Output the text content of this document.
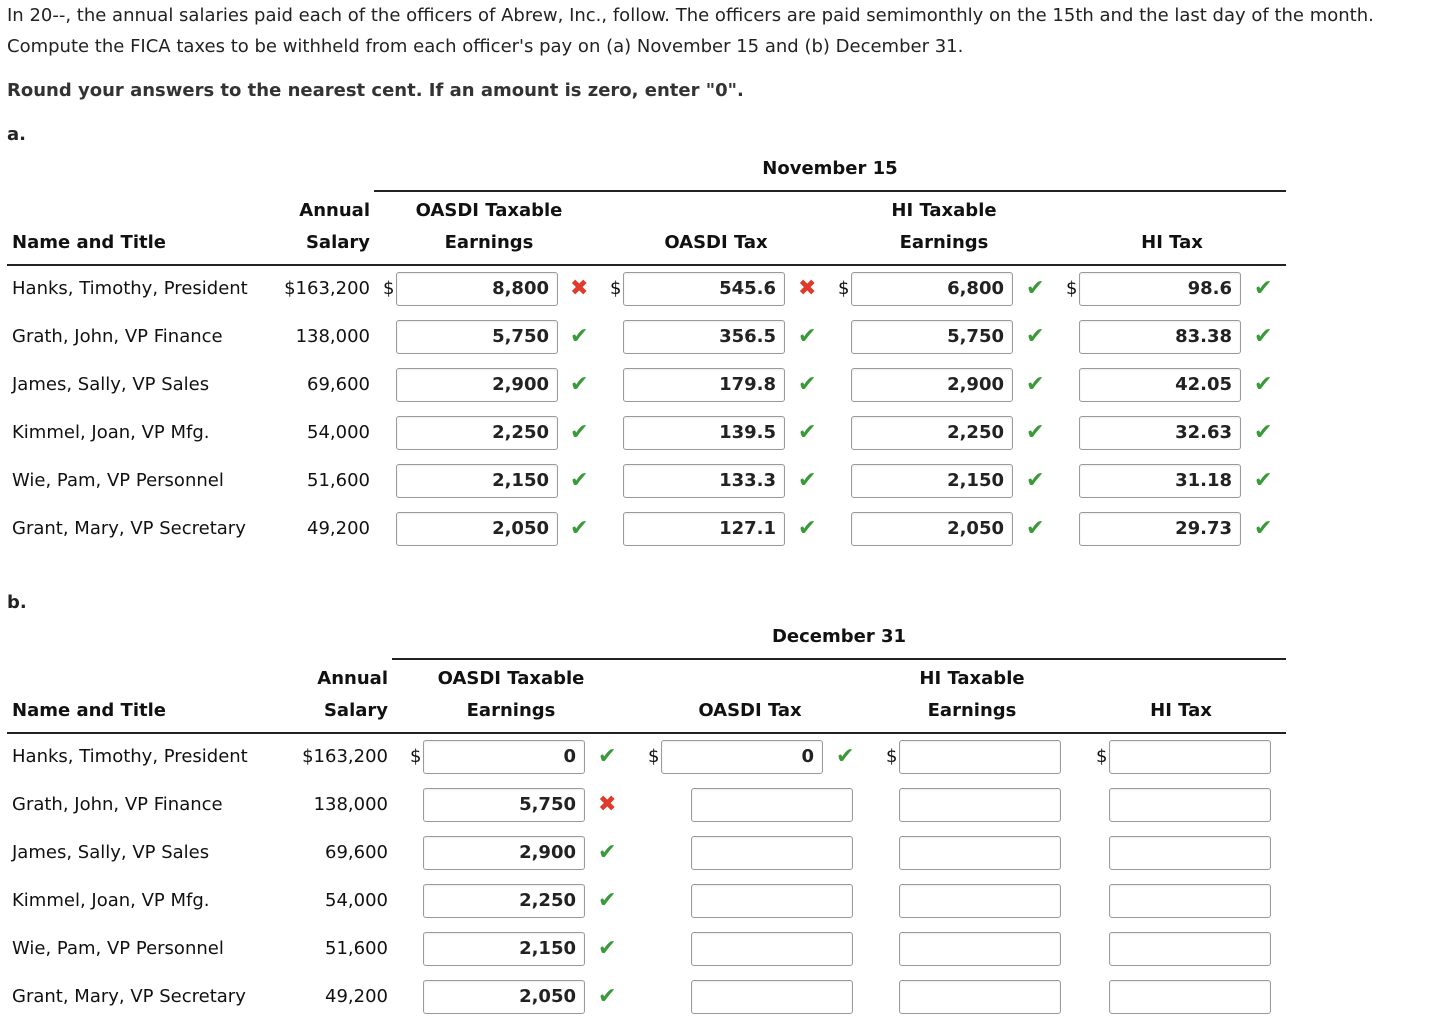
In 20--, the annual salaries paid each of the officers of Abrew, Inc., follow. The officers are paid semimonthly on the 15th and the last day of the month. Compute the FICA taxes to be withheld from each officer's pay on (a) November 15 and (b) December 31.
Round your answers to the nearest cent. If an amount is zero, enter "0".
a.
November 15
Name and Title
Annual
Salary
OASDI Taxable
Earnings	OASDI Tax
HI Taxable
Earnings	HI Tax
Hanks, Timothy, President	$163,200 $	8,800 ✖ $	545.6	✖ $	6,800	✔ $	98.6	✔
Grath, John, VP Finance	138,000	5,750 ✔	356.5	✔	5,750	✔	83.38	✔
James, Sally, VP Sales	69,600	2,900 ✔	179.8	✔	2,900	✔	42.05	✔
Kimmel, Joan, VP Mfg.	54,000	2,250 ✔	139.5	✔	2,250	✔	32.63	✔
Wie, Pam, VP Personnel	51,600	2,150 ✔	133.3	✔	2,150	✔	31.18	✔
Grant, Mary, VP Secretary	49,200	2,050 ✔	127.1	✔	2,050	✔	29.73	✔
b.
December 31
Name and Title
Annual
Salary
OASDI Taxable
Earnings	OASDI Tax
HI Taxable
Earnings	HI Tax
Hanks, Timothy, President	$163,200 $	0	✔ $	0	✔ $	$
Grath, John, VP Finance	138,000	5,750	✖
James, Sally, VP Sales	69,600	2,900	✔
Kimmel, Joan, VP Mfg.	54,000	2,250	✔
Wie, Pam, VP Personnel	51,600	2,150	✔
Grant, Mary, VP Secretary	49,200	2,050	✔
